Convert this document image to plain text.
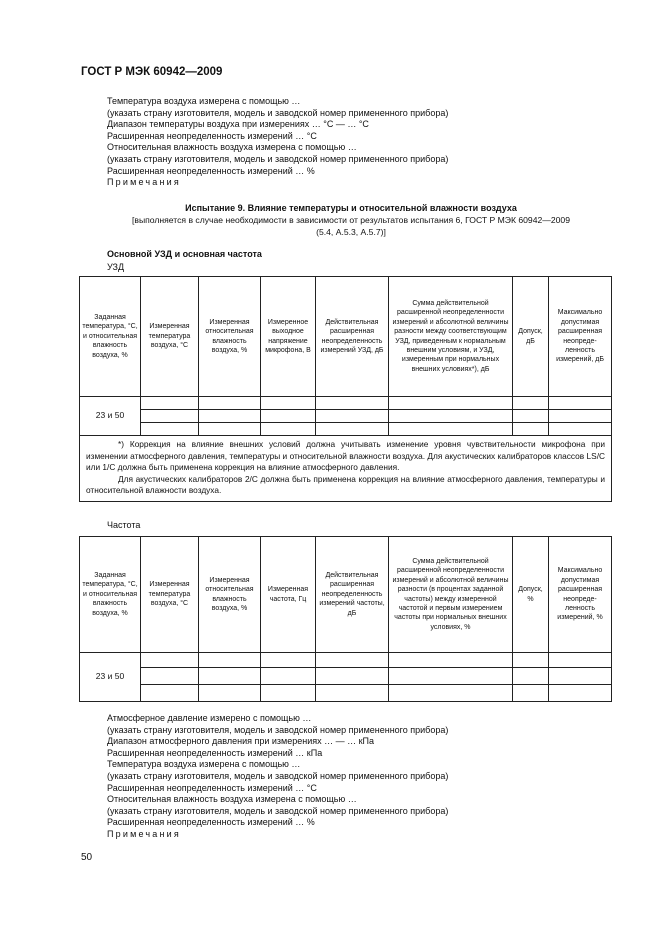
ГОСТ Р МЭК 60942—2009
Температура воздуха измерена с помощью …
(указать страну изготовителя, модель и заводской номер примененного прибора)
Диапазон температуры воздуха при измерениях … °С — … °С
Расширенная неопределенность измерений … °С
Относительная влажность воздуха измерена с помощью …
(указать страну изготовителя, модель и заводской номер примененного прибора)
Расширенная неопределенность измерений … %
Примечания
Испытание 9. Влияние температуры и относительной влажности воздуха
[выполняется в случае необходимости в зависимости от результатов испытания 6, ГОСТ Р МЭК 60942—2009
(5.4, А.5.3, А.5.7)]
Основной УЗД и основная частота
УЗД
Заданная температура, °С, и относительная влажность воздуха, %	Измеренная температура воздуха, °С	Измеренная относительная влажность воздуха, %	Измеренное выходное напряжение микрофона, В	Действительная расширенная неопределенность измерений УЗД, дБ	Сумма действительной расширенной неопределенности измерений и абсолютной величины разности между соответствующим УЗД, приведенным к нормальным внешним условиям, и УЗД, измеренным при нормальных внешних условиях*), дБ	Допуск, дБ	Максимально допустимая расширенная неопределенность измерений, дБ
23 и 50							

*) Коррекция на влияние внешних условий должна учитывать изменение уровня чувствительности микрофона при изменении атмосферного давления, температуры и относительной влажности воздуха. Для акустических калибраторов классов LS/C или 1/C должна быть применена коррекция на влияние атмосферного давления.

Для акустических калибраторов 2/C должна быть применена коррекция на влияние атмосферного давления, температуры и относительной влажности воздуха.							

Частота
Заданная температура, °С, и относительная влажность воздуха, %	Измеренная температура воздуха, °С	Измеренная относительная влажность воздуха, %	Измеренная частота, Гц	Действительная расширенная неопределенность измерений частоты, дБ	Сумма действительной расширенной неопределенности измерений и абсолютной величины разности (в процентах заданной частоты) между измеренной частотой и первым измерением частоты при нормальных внешних условиях, %	Допуск, %	Максимально допустимая расширенная неопределенность измерений, %
23 и 50							

Атмосферное давление измерено с помощью …
(указать страну изготовителя, модель и заводской номер примененного прибора)
Диапазон атмосферного давления при измерениях … — … кПа
Расширенная неопределенность измерений … кПа
Температура воздуха измерена с помощью …
(указать страну изготовителя, модель и заводской номер примененного прибора)
Расширенная неопределенность измерений … °С
Относительная влажность воздуха измерена с помощью …
(указать страну изготовителя, модель и заводской номер примененного прибора)
Расширенная неопределенность измерений … %
Примечания
50
